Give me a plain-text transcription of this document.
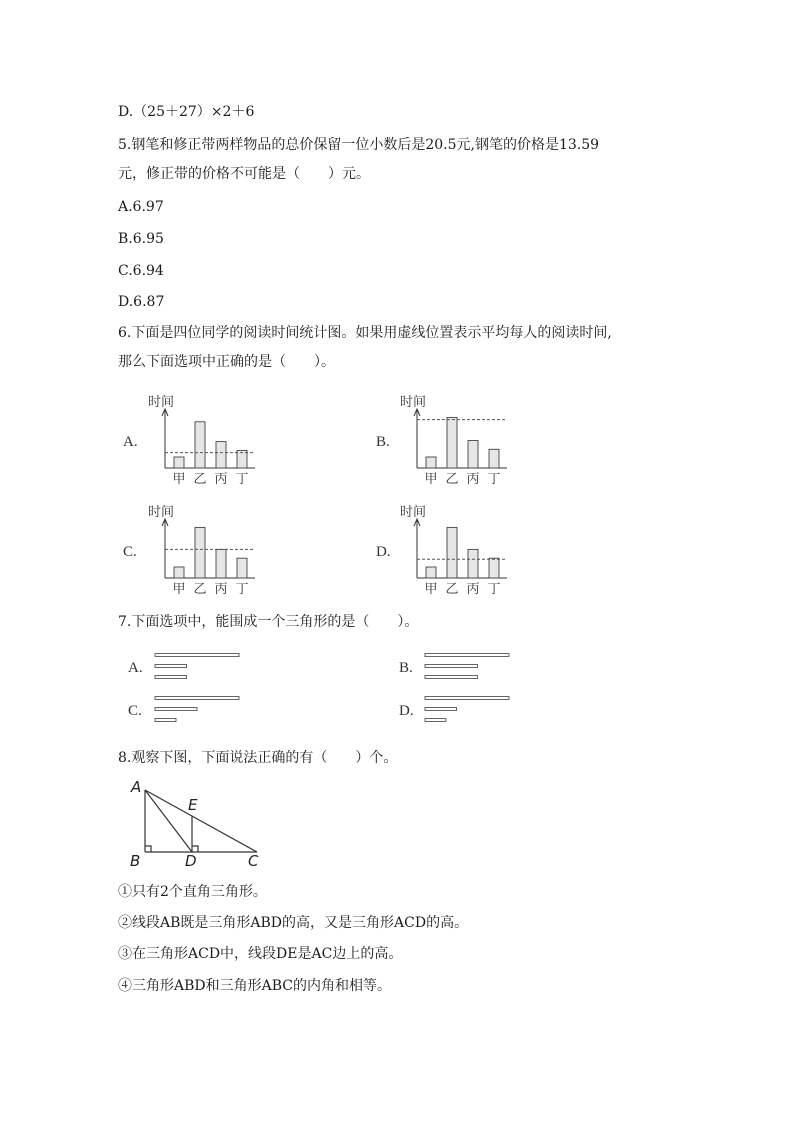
D.（25＋27）×2＋6
5.钢笔和修正带两样物品的总价保留一位小数后是20.5元,钢笔的价格是13.59
元，修正带的价格不可能是（　　）元。
A.6.97
B.6.95
C.6.94
D.6.87
6.下面是四位同学的阅读时间统计图。如果用虚线位置表示平均每人的阅读时间,
那么下面选项中正确的是（　　）。
A.	B.
C.	D.
时间
甲 乙 丙 丁
时间
甲 乙 丙 丁
时间
甲 乙 丙 丁
时间
甲 乙 丙 丁
7.下面选项中，能围成一个三角形的是（　　）。
A.	B.
C.	D.
8.观察下图，下面说法正确的有（　　）个。
A
B	C
D
E
①只有2个直角三角形。
②线段AB既是三角形ABD的高，又是三角形ACD的高。
③在三角形ACD中，线段DE是AC边上的高。
④三角形ABD和三角形ABC的内角和相等。
